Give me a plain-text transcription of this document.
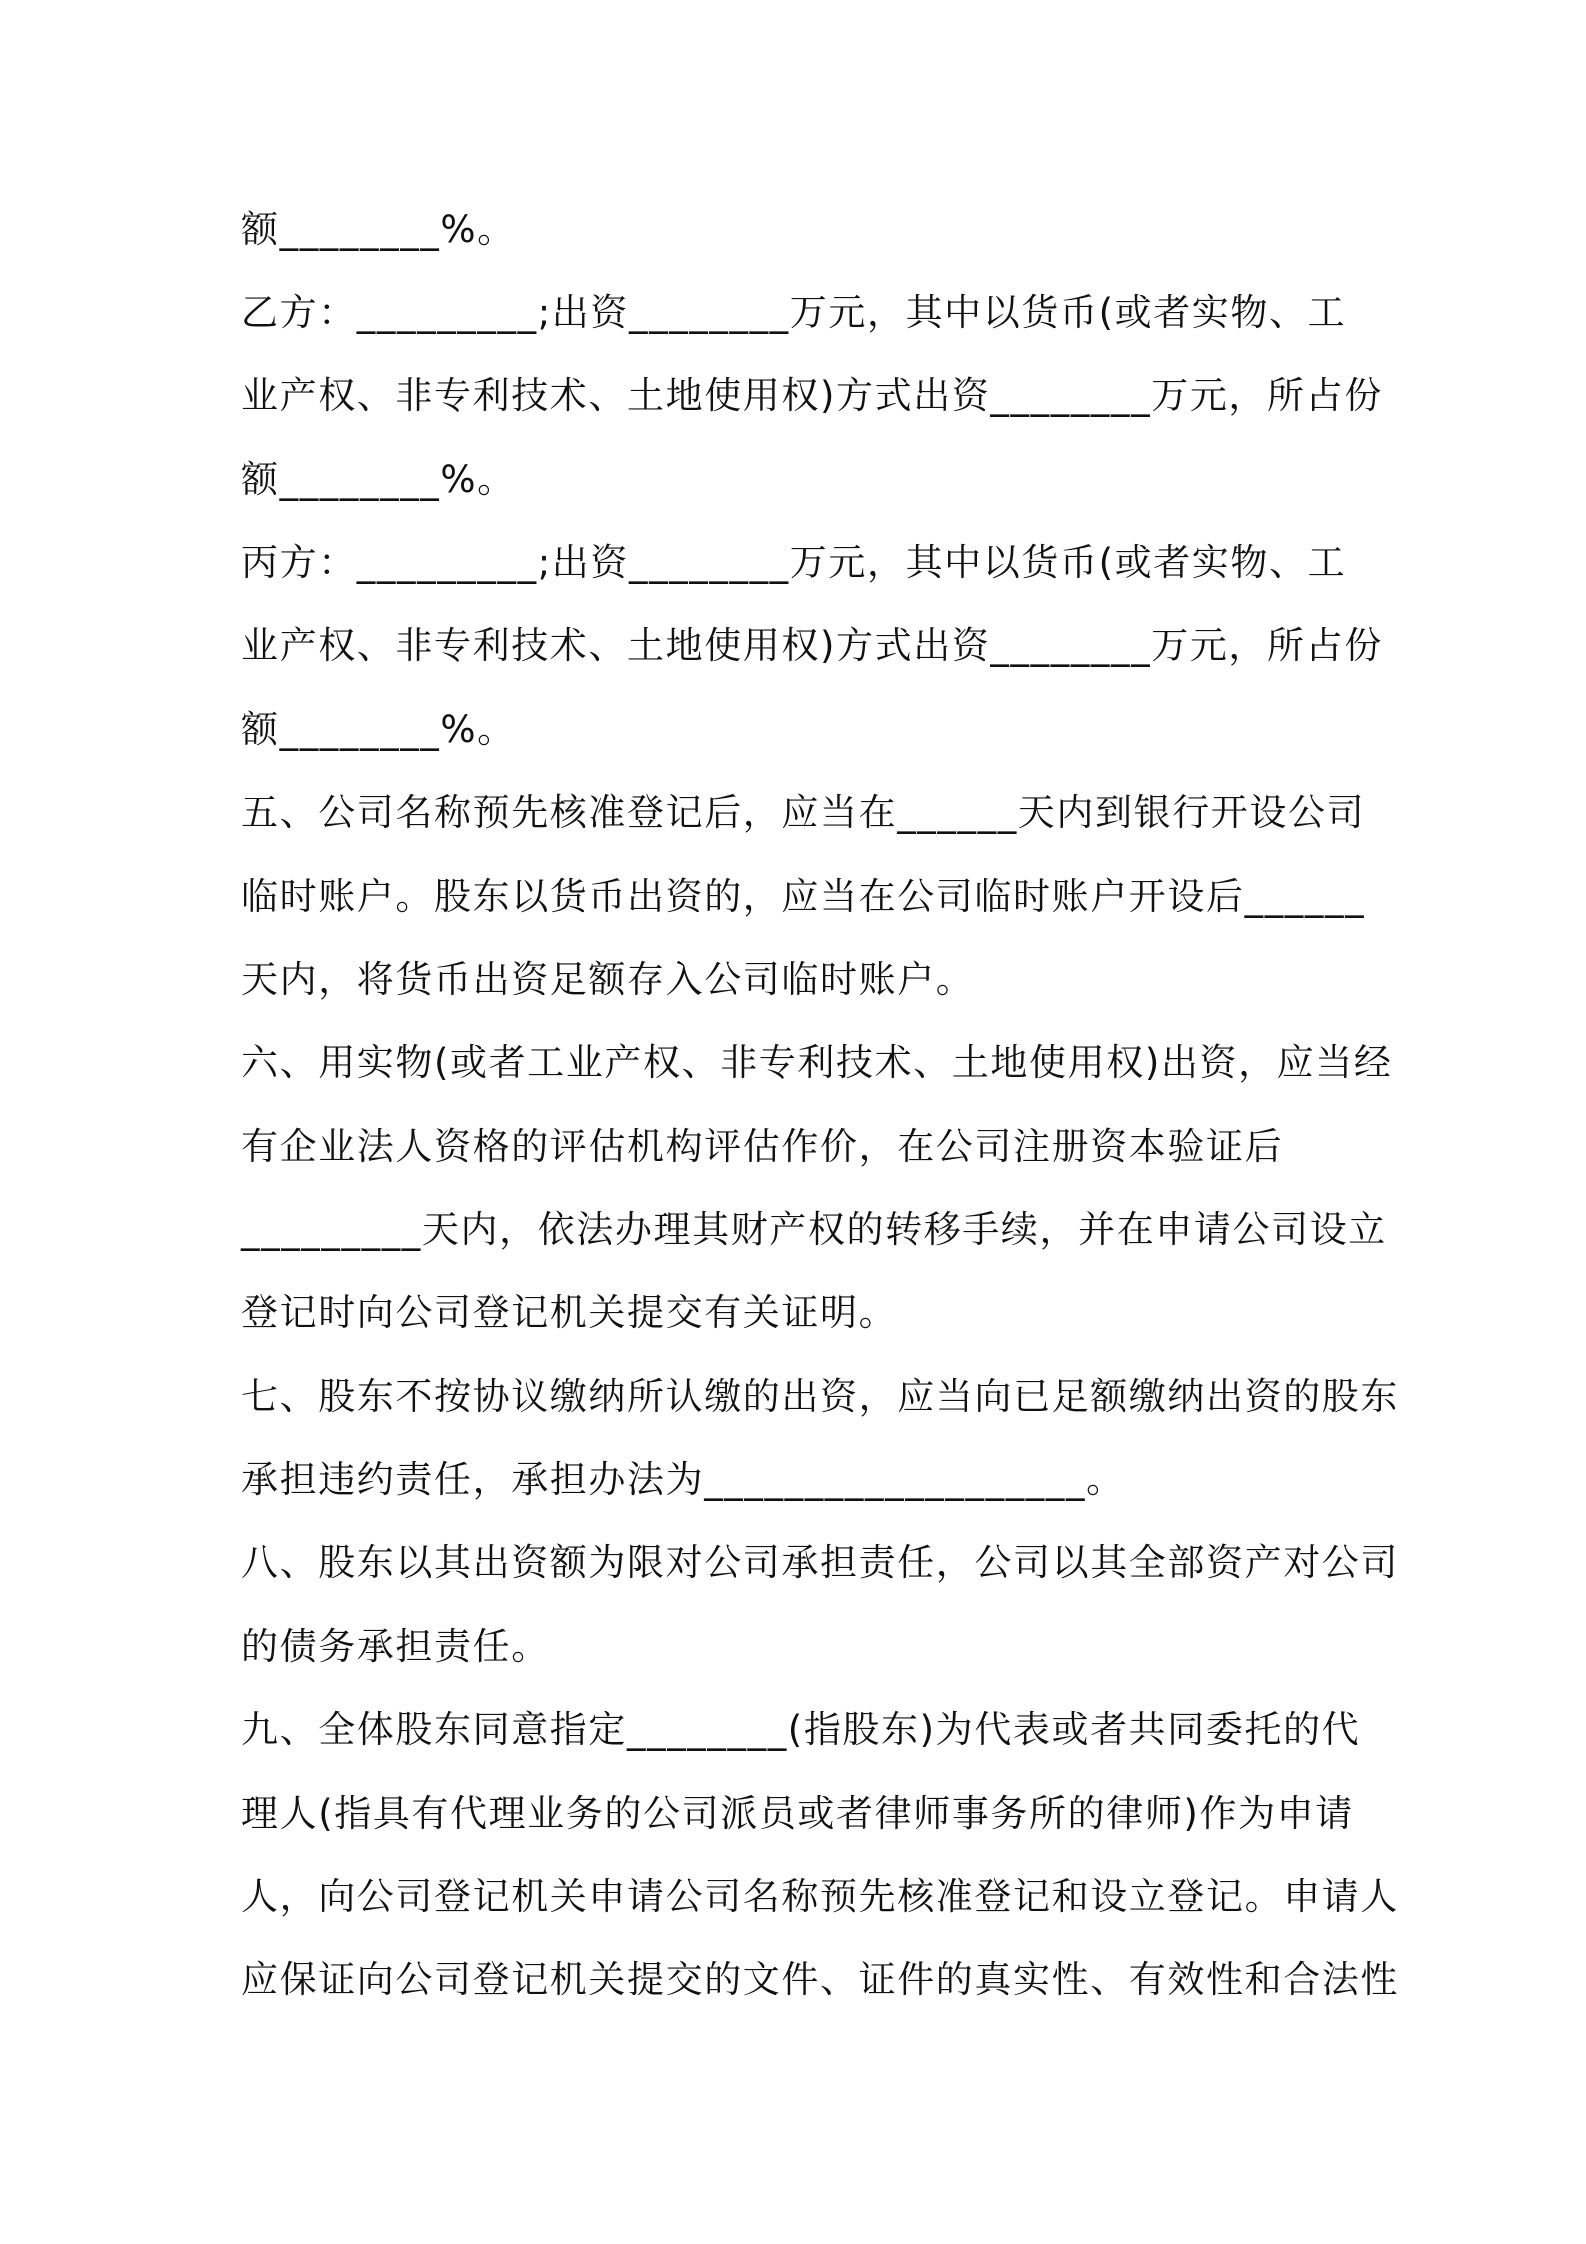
额________%。
乙方：_________;出资________万元，其中以货币(或者实物、工
业产权、非专利技术、土地使用权)方式出资________万元，所占份
额________%。
丙方：_________;出资________万元，其中以货币(或者实物、工
业产权、非专利技术、土地使用权)方式出资________万元，所占份
额________%。
五、公司名称预先核准登记后，应当在______天内到银行开设公司
临时账户。股东以货币出资的，应当在公司临时账户开设后______
天内，将货币出资足额存入公司临时账户。
六、用实物(或者工业产权、非专利技术、土地使用权)出资，应当经
有企业法人资格的评估机构评估作价，在公司注册资本验证后
_________天内，依法办理其财产权的转移手续，并在申请公司设立
登记时向公司登记机关提交有关证明。
七、股东不按协议缴纳所认缴的出资，应当向已足额缴纳出资的股东
承担违约责任，承担办法为___________________。
八、股东以其出资额为限对公司承担责任，公司以其全部资产对公司
的债务承担责任。
九、全体股东同意指定________(指股东)为代表或者共同委托的代
理人(指具有代理业务的公司派员或者律师事务所的律师)作为申请
人，向公司登记机关申请公司名称预先核准登记和设立登记。申请人
应保证向公司登记机关提交的文件、证件的真实性、有效性和合法性
